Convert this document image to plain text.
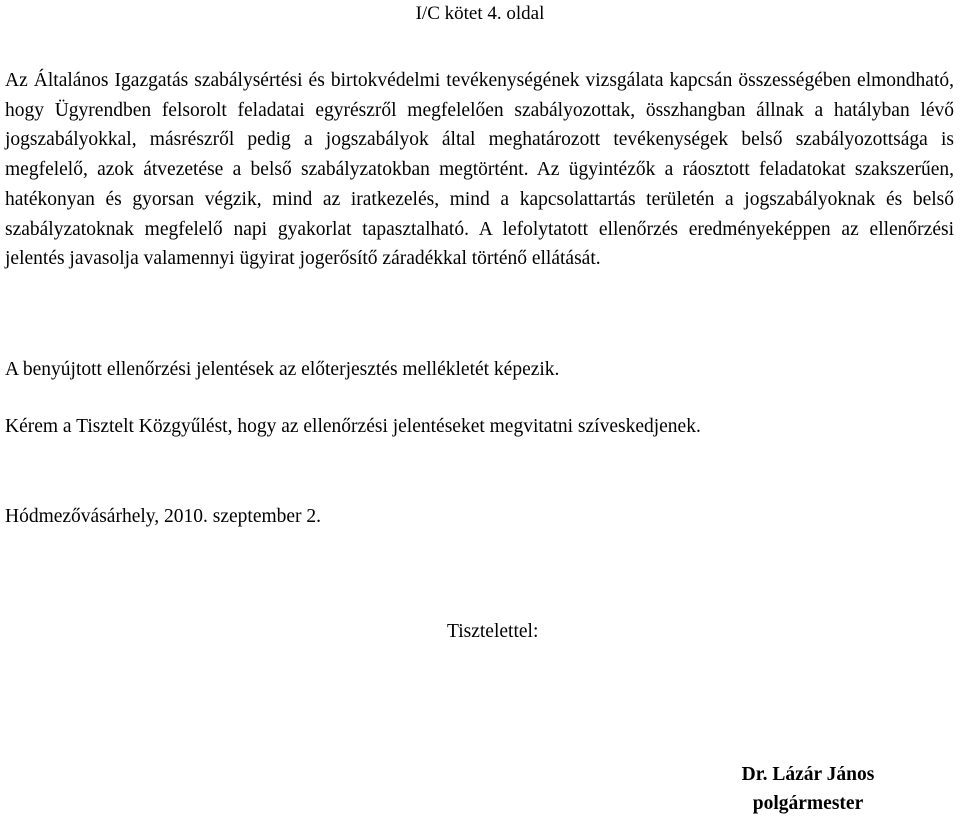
I/C kötet 4. oldal

Az Általános Igazgatás szabálysértési és birtokvédelmi tevékenységének vizsgálata kapcsán összességében elmondható, hogy Ügyrendben felsorolt feladatai egyrészről megfelelően szabályozottak, összhangban állnak a hatályban lévő jogszabályokkal, másrészről pedig a jogszabályok által meghatározott tevékenységek belső szabályozottsága is megfelelő, azok átvezetése a belső szabályzatokban megtörtént. Az ügyintézők a ráosztott feladatokat szakszerűen, hatékonyan és gyorsan végzik, mind az iratkezelés, mind a kapcsolattartás területén a jogszabályoknak és belső szabályzatoknak megfelelő napi gyakorlat tapasztalható. A lefolytatott ellenőrzés eredményeképpen az ellenőrzési jelentés javasolja valamennyi ügyirat jogerősítő záradékkal történő ellátását.

A benyújtott ellenőrzési jelentések az előterjesztés mellékletét képezik.

Kérem a Tisztelt Közgyűlést, hogy az ellenőrzési jelentéseket megvitatni szíveskedjenek.

Hódmezővásárhely, 2010. szeptember 2.

Tisztelettel:

Dr. Lázár János
polgármester
